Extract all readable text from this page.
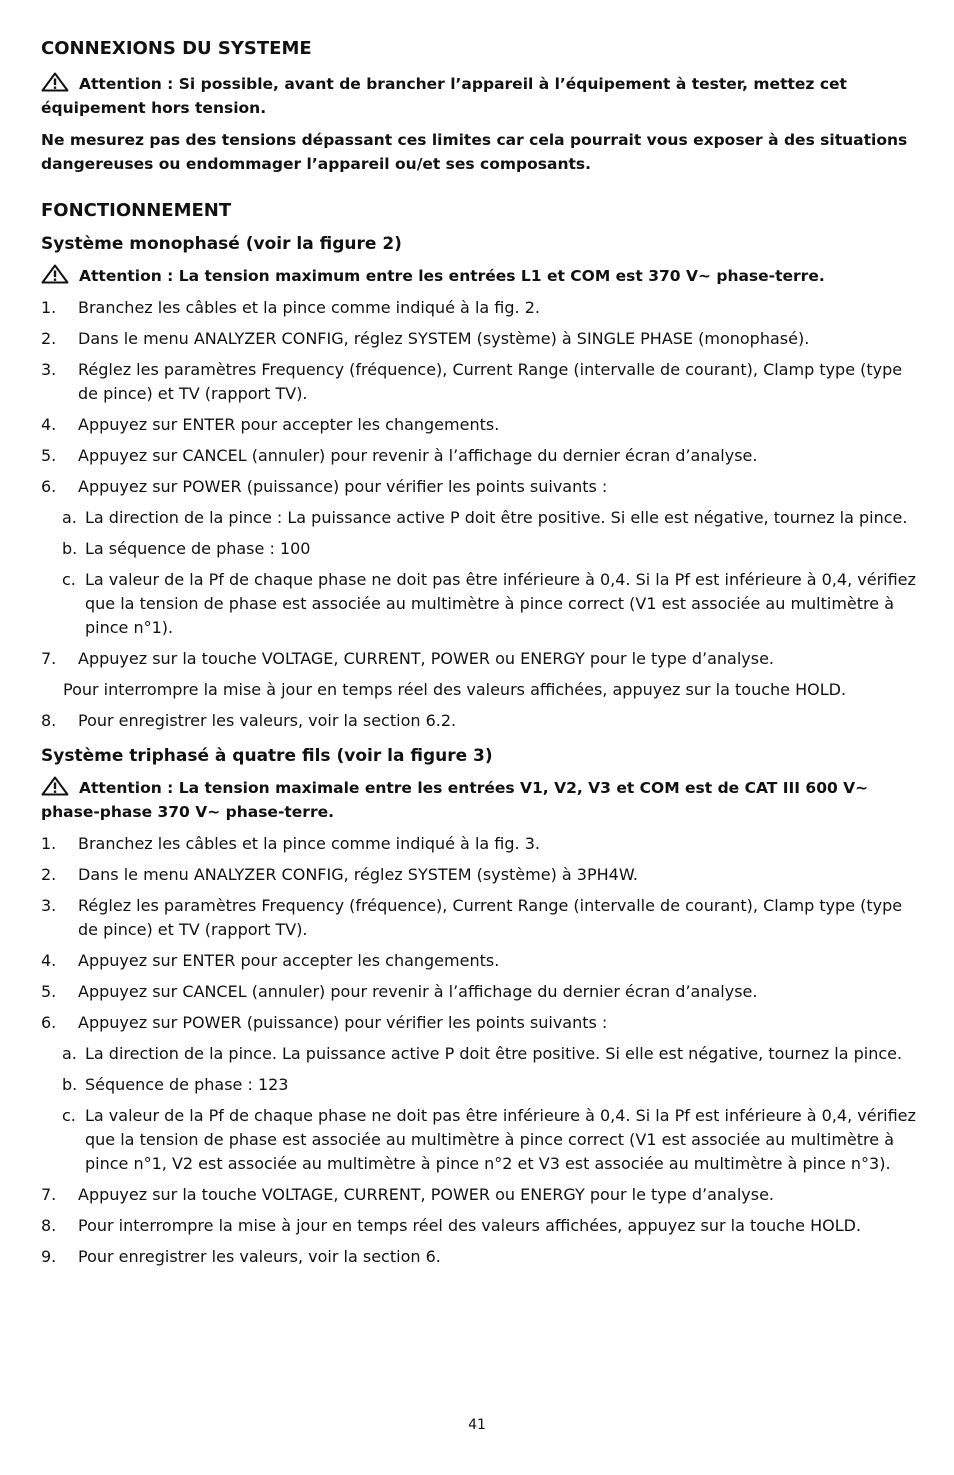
CONNEXIONS DU SYSTEME

Attention : Si possible, avant de brancher l’appareil à l’équipement à tester, mettez cet équipement hors tension.

Ne mesurez pas des tensions dépassant ces limites car cela pourrait vous exposer à des situations dangereuses ou endommager l’appareil ou/et ses composants.

FONCTIONNEMENT
Système monophasé (voir la figure 2)

Attention : La tension maximum entre les entrées L1 et COM est 370 V~ phase-terre.

1. Branchez les câbles et la pince comme indiqué à la fig. 2.
2. Dans le menu ANALYZER CONFIG, réglez SYSTEM (système) à SINGLE PHASE (monophasé).
3. Réglez les paramètres Frequency (fréquence), Current Range (intervalle de courant), Clamp type (type de pince) et TV (rapport TV).
4. Appuyez sur ENTER pour accepter les changements.
5. Appuyez sur CANCEL (annuler) pour revenir à l’affichage du dernier écran d’analyse.
6. Appuyez sur POWER (puissance) pour vérifier les points suivants :
a. La direction de la pince : La puissance active P doit être positive. Si elle est négative, tournez la pince.
b. La séquence de phase : 100
c. La valeur de la Pf de chaque phase ne doit pas être inférieure à 0,4. Si la Pf est inférieure à 0,4, vérifiez que la tension de phase est associée au multimètre à pince correct (V1 est associée au multimètre à pince n°1).
7. Appuyez sur la touche VOLTAGE, CURRENT, POWER ou ENERGY pour le type d’analyse.
Pour interrompre la mise à jour en temps réel des valeurs affichées, appuyez sur la touche HOLD.
8. Pour enregistrer les valeurs, voir la section 6.2.
Système triphasé à quatre fils (voir la figure 3)

Attention : La tension maximale entre les entrées V1, V2, V3 et COM est de CAT III 600 V~ phase-phase 370 V~ phase-terre.

1. Branchez les câbles et la pince comme indiqué à la fig. 3.
2. Dans le menu ANALYZER CONFIG, réglez SYSTEM (système) à 3PH4W.
3. Réglez les paramètres Frequency (fréquence), Current Range (intervalle de courant), Clamp type (type de pince) et TV (rapport TV).
4. Appuyez sur ENTER pour accepter les changements.
5. Appuyez sur CANCEL (annuler) pour revenir à l’affichage du dernier écran d’analyse.
6. Appuyez sur POWER (puissance) pour vérifier les points suivants :
a. La direction de la pince. La puissance active P doit être positive. Si elle est négative, tournez la pince.
b. Séquence de phase : 123
c. La valeur de la Pf de chaque phase ne doit pas être inférieure à 0,4. Si la Pf est inférieure à 0,4, vérifiez que la tension de phase est associée au multimètre à pince correct (V1 est associée au multimètre à pince n°1, V2 est associée au multimètre à pince n°2 et V3 est associée au multimètre à pince n°3).
7. Appuyez sur la touche VOLTAGE, CURRENT, POWER ou ENERGY pour le type d’analyse.
8. Pour interrompre la mise à jour en temps réel des valeurs affichées, appuyez sur la touche HOLD.
9. Pour enregistrer les valeurs, voir la section 6.
41
